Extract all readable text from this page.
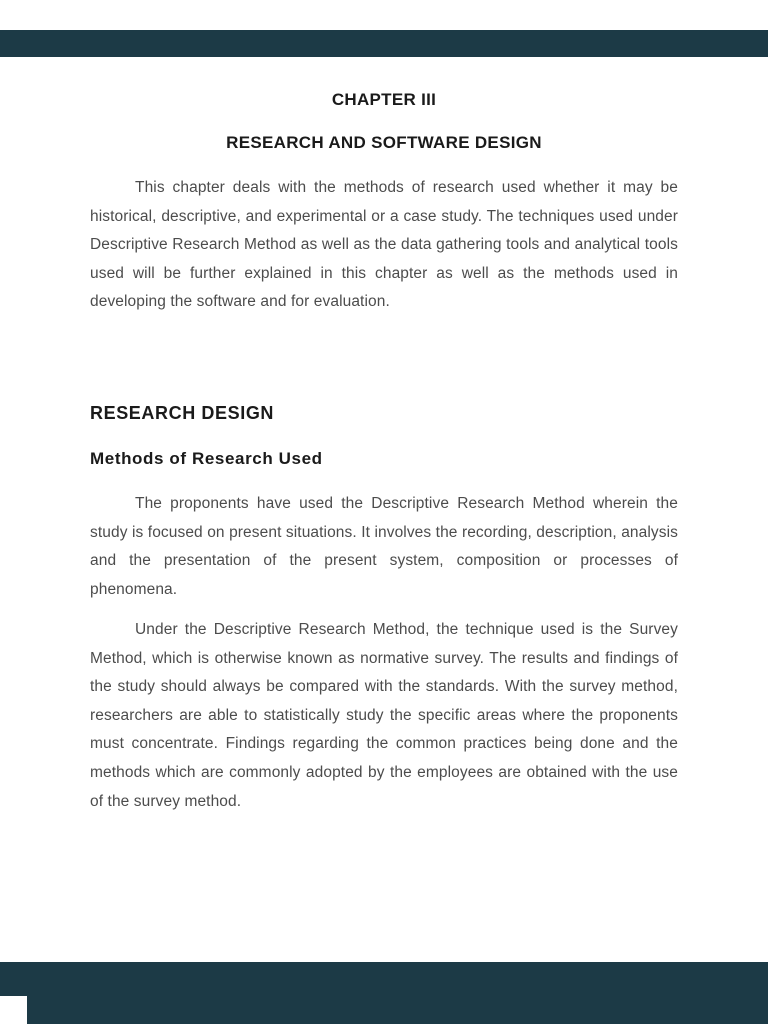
CHAPTER III
RESEARCH AND SOFTWARE DESIGN

This chapter deals with the methods of research used whether it may be historical, descriptive, and experimental or a case study. The techniques used under Descriptive Research Method as well as the data gathering tools and analytical tools used will be further explained in this chapter as well as the methods used in developing the software and for evaluation.

RESEARCH DESIGN
Methods of Research Used

The proponents have used the Descriptive Research Method wherein the study is focused on present situations. It involves the recording, description, analysis and the presentation of the present system, composition or processes of phenomena.

Under the Descriptive Research Method, the technique used is the Survey Method, which is otherwise known as normative survey. The results and findings of the study should always be compared with the standards. With the survey method, researchers are able to statistically study the specific areas where the proponents must concentrate. Findings regarding the common practices being done and the methods which are commonly adopted by the employees are obtained with the use of the survey method.
